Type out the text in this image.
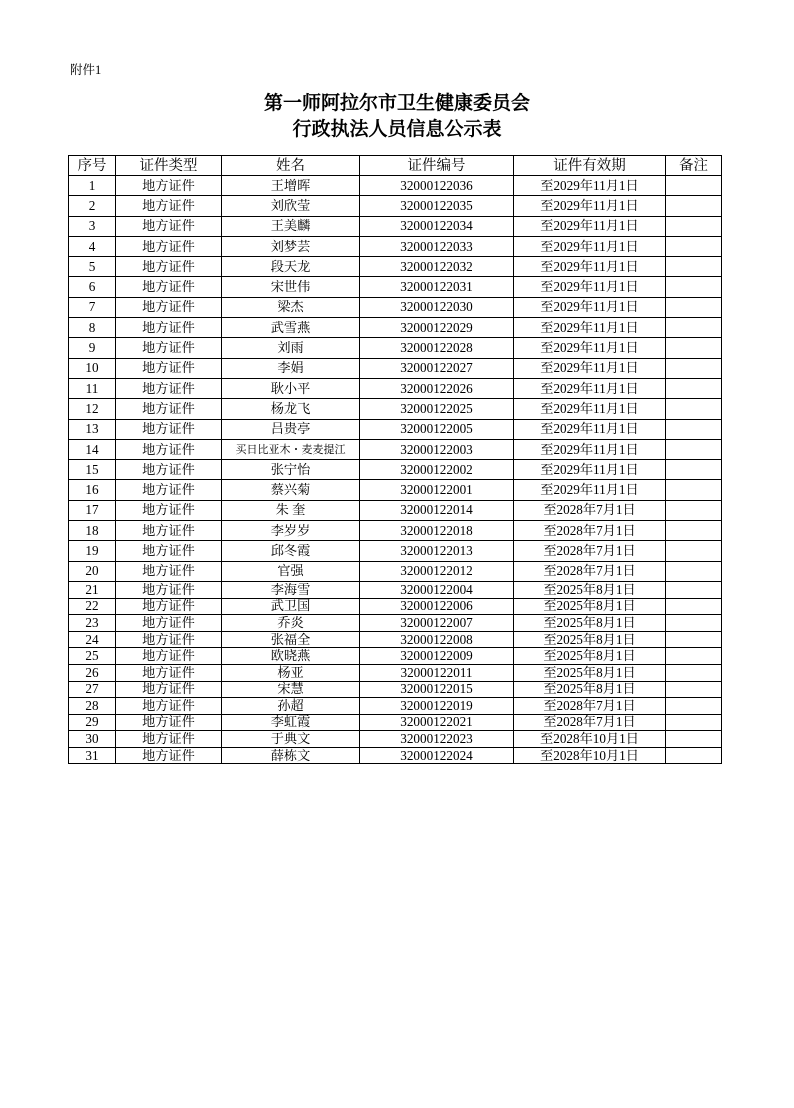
附件1
第一师阿拉尔市卫生健康委员会
行政执法人员信息公示表
序号	证件类型	姓名	证件编号	证件有效期	备注
1	地方证件	王增晖	32000122036	至2029年11月1日	
2	地方证件	刘欣莹	32000122035	至2029年11月1日	
3	地方证件	王美麟	32000122034	至2029年11月1日	
4	地方证件	刘梦芸	32000122033	至2029年11月1日	
5	地方证件	段天龙	32000122032	至2029年11月1日	
6	地方证件	宋世伟	32000122031	至2029年11月1日	
7	地方证件	梁杰	32000122030	至2029年11月1日	
8	地方证件	武雪燕	32000122029	至2029年11月1日	
9	地方证件	刘雨	32000122028	至2029年11月1日	
10	地方证件	李娟	32000122027	至2029年11月1日	
11	地方证件	耿小平	32000122026	至2029年11月1日	
12	地方证件	杨龙飞	32000122025	至2029年11月1日	
13	地方证件	吕贵亭	32000122005	至2029年11月1日	
14	地方证件	买日比亚木・麦麦提江	32000122003	至2029年11月1日	
15	地方证件	张宁怡	32000122002	至2029年11月1日	
16	地方证件	蔡兴菊	32000122001	至2029年11月1日	
17	地方证件	朱 奎	32000122014	至2028年7月1日	
18	地方证件	李岁岁	32000122018	至2028年7月1日	
19	地方证件	邱冬霞	32000122013	至2028年7月1日	
20	地方证件	官强	32000122012	至2028年7月1日	
21	地方证件	李海雪	32000122004	至2025年8月1日	
22	地方证件	武卫国	32000122006	至2025年8月1日	
23	地方证件	乔炎	32000122007	至2025年8月1日	
24	地方证件	张福全	32000122008	至2025年8月1日	
25	地方证件	欧晓燕	32000122009	至2025年8月1日	
26	地方证件	杨亚	32000122011	至2025年8月1日	
27	地方证件	宋慧	32000122015	至2025年8月1日	
28	地方证件	孙超	32000122019	至2028年7月1日	
29	地方证件	李虹霞	32000122021	至2028年7月1日	
30	地方证件	于典文	32000122023	至2028年10月1日	
31	地方证件	薛栋文	32000122024	至2028年10月1日	
